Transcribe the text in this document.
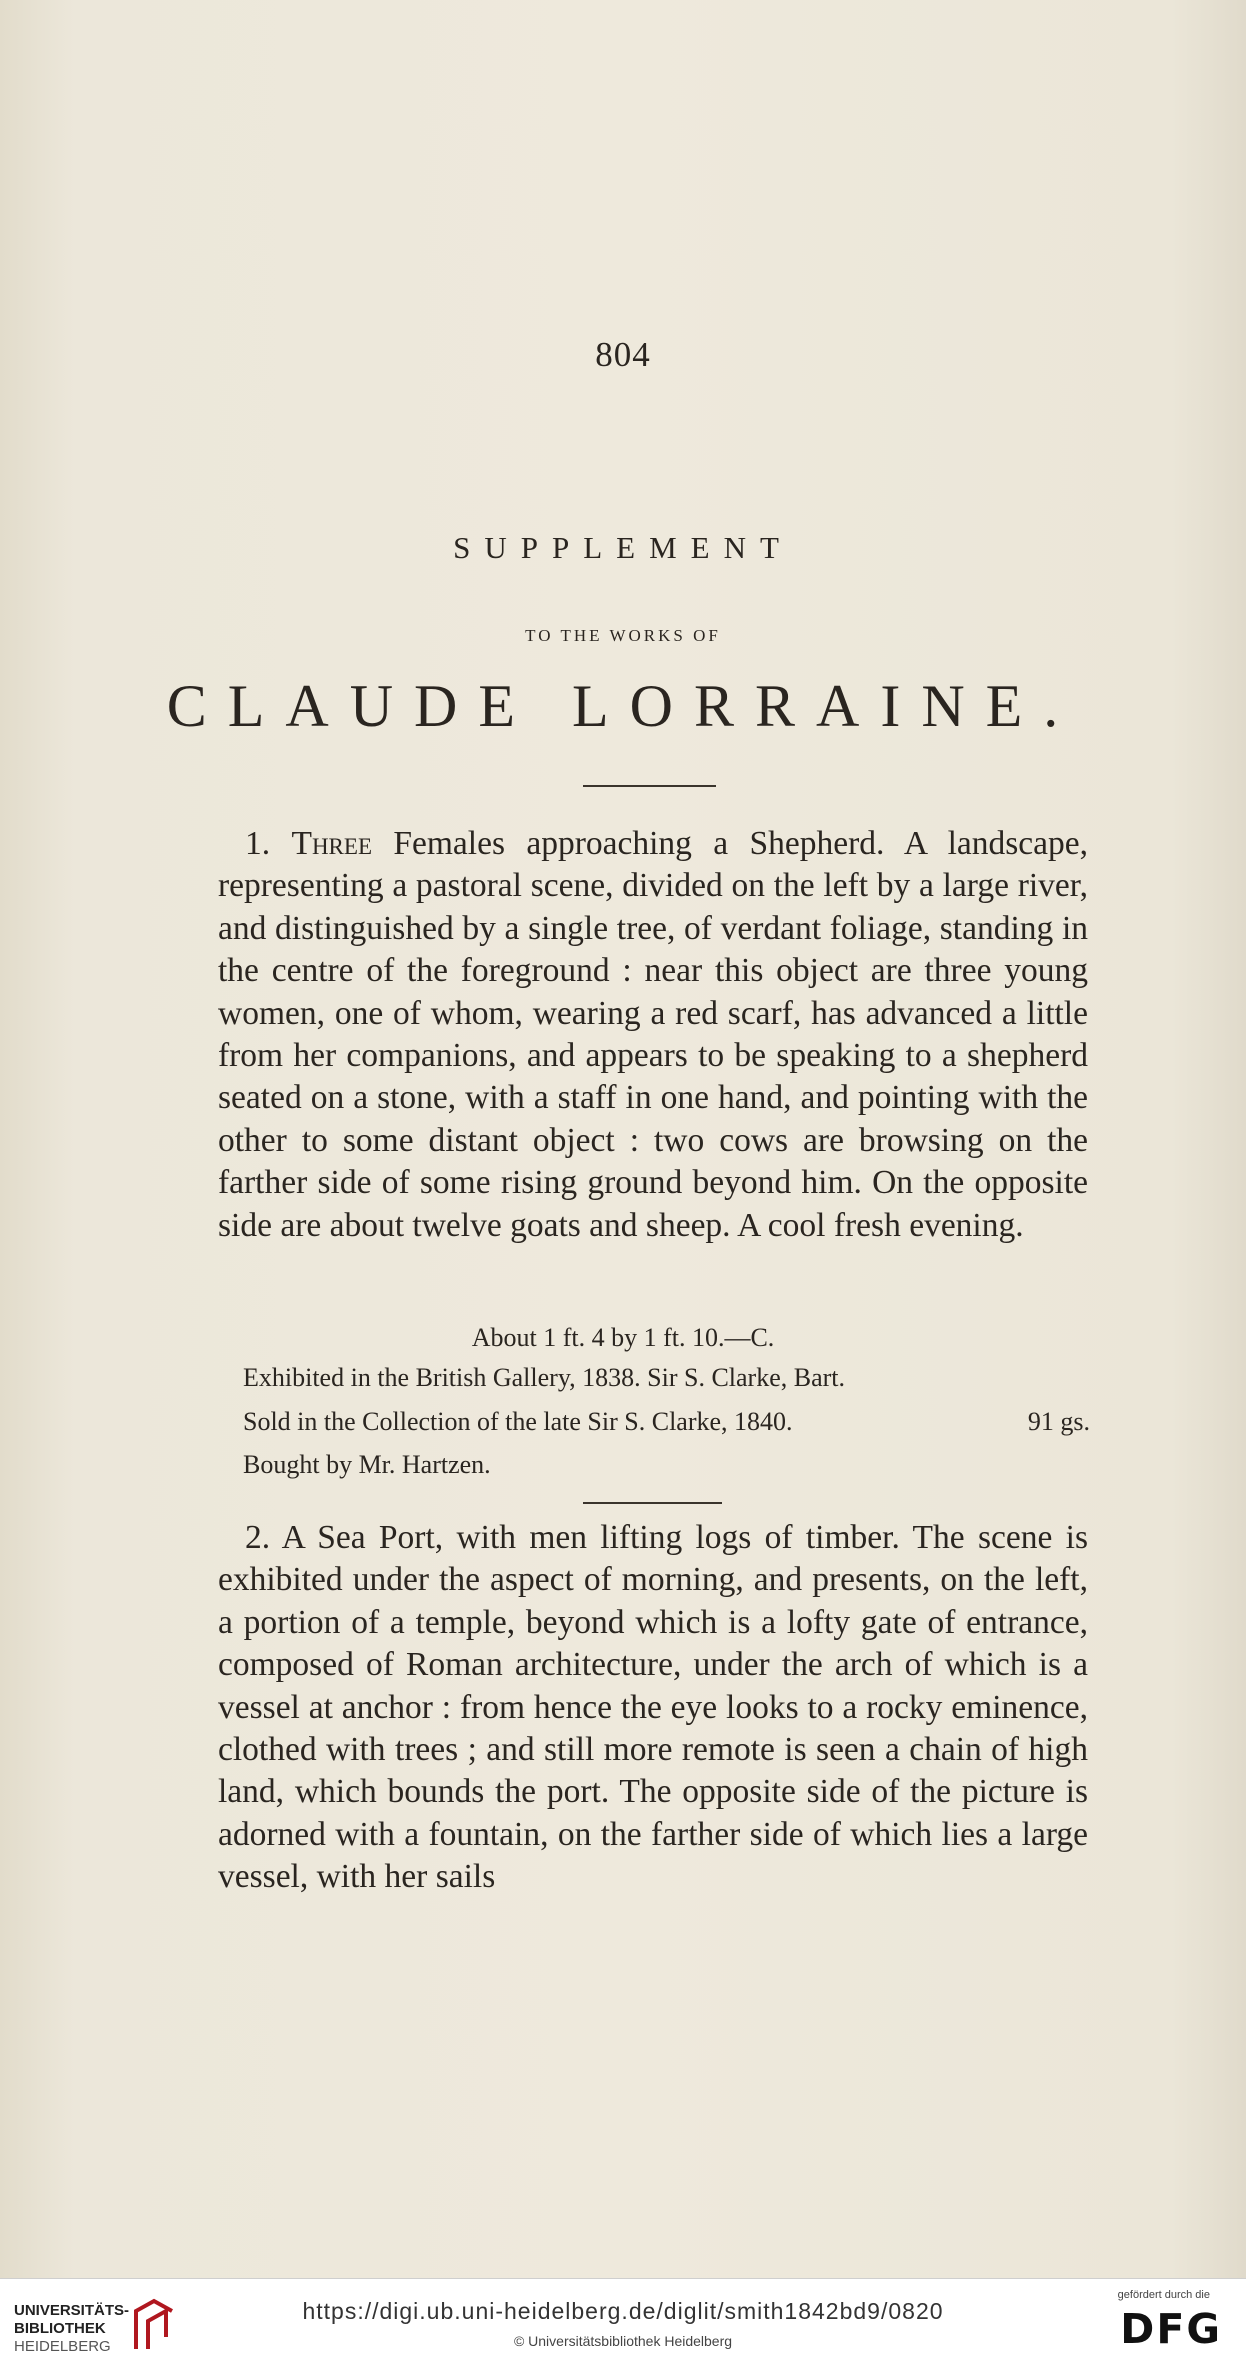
804
SUPPLEMENT
TO THE WORKS OF
CLAUDE LORRAINE.

1. Three Females approaching a Shepherd. A landscape, representing a pastoral scene, divided on the left by a large river, and distinguished by a single tree, of verdant foliage, standing in the centre of the foreground : near this object are three young women, one of whom, wearing a red scarf, has advanced a little from her companions, and appears to be speaking to a shepherd seated on a stone, with a staff in one hand, and pointing with the other to some distant object : two cows are browsing on the farther side of some rising ground beyond him. On the opposite side are about twelve goats and sheep. A cool fresh evening.

About 1 ft. 4 by 1 ft. 10.—C.
Exhibited in the British Gallery, 1838. Sir S. Clarke, Bart.
Sold in the Collection of the late Sir S. Clarke, 1840.	91 gs.
Bought by Mr. Hartzen.

2. A Sea Port, with men lifting logs of timber. The scene is exhibited under the aspect of morning, and presents, on the left, a portion of a temple, beyond which is a lofty gate of entrance, composed of Roman architecture, under the arch of which is a vessel at anchor : from hence the eye looks to a rocky eminence, clothed with trees ; and still more remote is seen a chain of high land, which bounds the port. The opposite side of the picture is adorned with a fountain, on the farther side of which lies a large vessel, with her sails

UNIVERSITÄTS-
BIBLIOTHEK
HEIDELBERG
https://digi.ub.uni-heidelberg.de/diglit/smith1842bd9/0820
© Universitätsbibliothek Heidelberg
gefördert durch die
DFG
